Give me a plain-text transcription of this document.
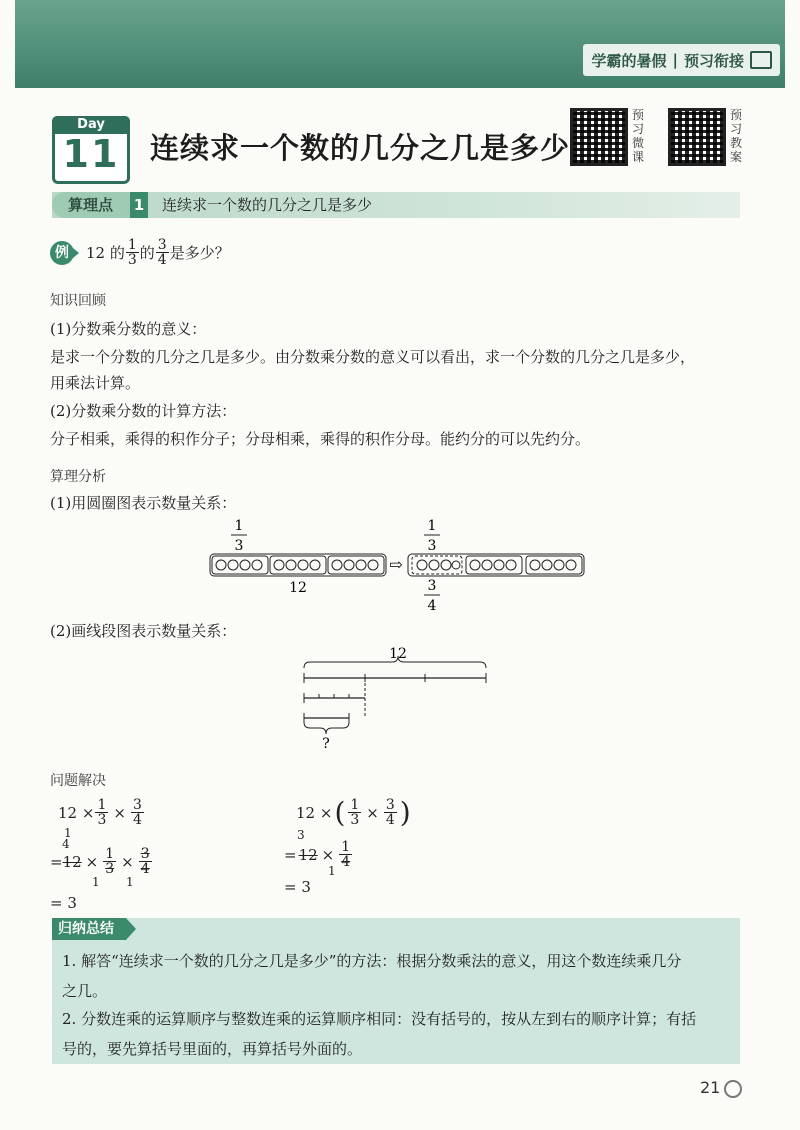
学霸的暑假 | 预习衔接
Day
11	连续求一个数的几分之几是多少
预习微课
预习教案
算理点	1 连续求一个数的几分之几是多少
例	12 的 $\frac{1}{3}$ 的 $\frac{3}{4}$ 是多少？
知识回顾
(1)分数乘分数的意义：
是求一个分数的几分之几是多少。由分数乘分数的意义可以看出，求一个分数的几分之几是多少，
用乘法计算。
(2)分数乘分数的计算方法：
分子相乘，乘得的积作分子；分母相乘，乘得的积作分母。能约分的可以先约分。
算理分析
(1)用圆圈图表示数量关系：
1
3
12
⇨
1
3
3
4
(2)画线段图表示数量关系：
12
?
问题解决
$12 \times \frac{1}{3} \times \frac{3}{4}$
1
4
= $12 \times \frac{1}{3} \times \frac{3}{4}$
1 1
= 3
12 × ( $\frac{1}{3} \times \frac{3}{4}$ )
3
= $12 \times \frac{1}{4}$
1
= 3
归纳总结
1. 解答“连续求一个数的几分之几是多少”的方法：根据分数乘法的意义，用这个数连续乘几分
之几。
2. 分数连乘的运算顺序与整数连乘的运算顺序相同：没有括号的，按从左到右的顺序计算；有括
号的，要先算括号里面的，再算括号外面的。
21
